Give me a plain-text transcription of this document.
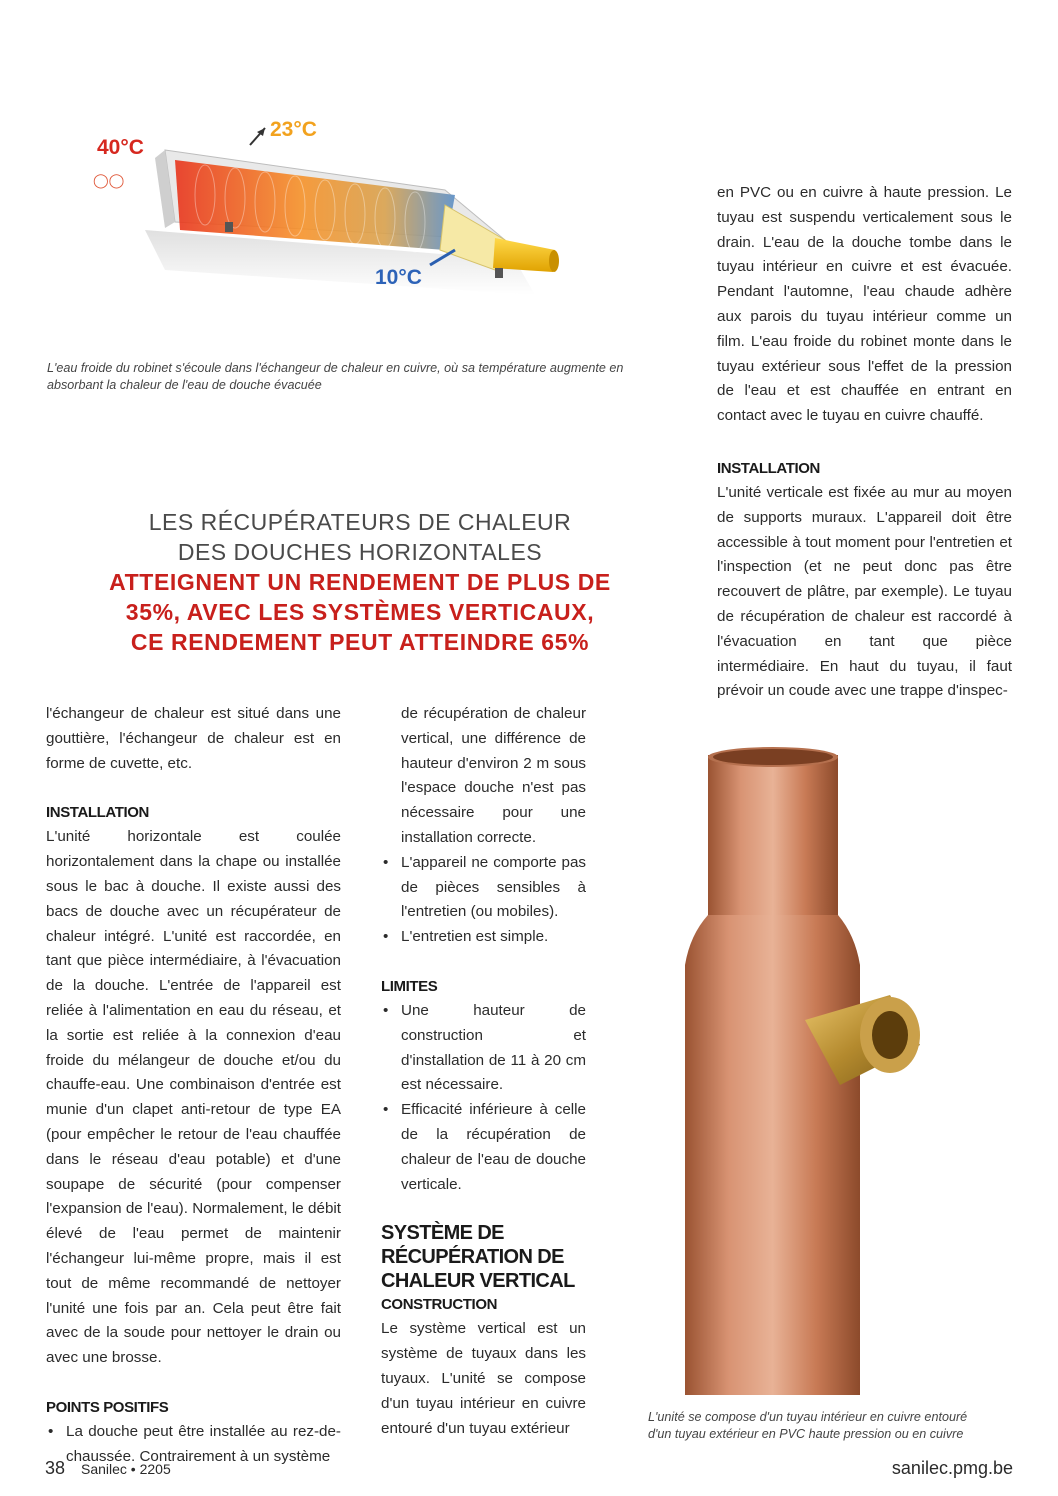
40°C
◯◯
23°C
10°C

L'eau froide du robinet s'écoule dans l'échangeur de chaleur en cuivre, où sa température augmente en absorbant la chaleur de l'eau de douche évacuée

LES RÉCUPÉRATEURS DE CHALEUR
DES DOUCHES HORIZONTALES
ATTEIGNENT UN RENDEMENT DE PLUS DE
35%, AVEC LES SYSTÈMES VERTICAUX,
CE RENDEMENT PEUT ATTEINDRE 65%

l'échangeur de chaleur est situé dans une gouttière, l'échangeur de chaleur est en forme de cuvette, etc.

INSTALLATION

L'unité horizontale est coulée horizontalement dans la chape ou installée sous le bac à douche. Il existe aussi des bacs de douche avec un récupérateur de chaleur intégré. L'unité est raccordée, en tant que pièce intermédiaire, à l'évacuation de la douche. L'entrée de l'appareil est reliée à l'alimentation en eau du réseau, et la sortie est reliée à la connexion d'eau froide du mélangeur de douche et/ou du chauffe-eau. Une combinaison d'entrée est munie d'un clapet anti-retour de type EA (pour empêcher le retour de l'eau chauffée dans le réseau d'eau potable) et d'une soupape de sécurité (pour compenser l'expansion de l'eau). Normalement, le débit élevé de l'eau permet de maintenir l'échangeur lui-même propre, mais il est tout de même recommandé de nettoyer l'unité une fois par an. Cela peut être fait avec de la soude pour nettoyer le drain ou avec une brosse.

POINTS POSITIFS

• La douche peut être installée au rez-de-chaussée. Contrairement à un système

de récupération de chaleur vertical, une différence de hauteur d'environ 2 m sous l'espace douche n'est pas nécessaire pour une installation correcte.

• L'appareil ne comporte pas de pièces sensibles à l'entretien (ou mobiles).
• L'entretien est simple.

LIMITES

• Une hauteur de construction et d'installation de 11 à 20 cm est nécessaire.
• Efficacité inférieure à celle de la récupération de chaleur de l'eau de douche verticale.

SYSTÈME DE

RÉCUPÉRATION DE

CHALEUR VERTICAL

CONSTRUCTION

Le système vertical est un système de tuyaux dans les tuyaux. L'unité se compose d'un tuyau intérieur en cuivre entouré d'un tuyau extérieur

en PVC ou en cuivre à haute pression. Le tuyau est suspendu verticalement sous le drain. L'eau de la douche tombe dans le tuyau intérieur en cuivre et est évacuée. Pendant l'automne, l'eau chaude adhère aux parois du tuyau intérieur comme un film. L'eau froide du robinet monte dans le tuyau extérieur sous l'effet de la pression de l'eau et est chauffée en entrant en contact avec le tuyau en cuivre chauffé.

INSTALLATION

L'unité verticale est fixée au mur au moyen de supports muraux. L'appareil doit être accessible à tout moment pour l'entretien et l'inspection (et ne peut donc pas être recouvert de plâtre, par exemple). Le tuyau de récupération de chaleur est raccordé à l'évacuation en tant que pièce intermédiaire. En haut du tuyau, il faut prévoir un coude avec une trappe d'inspec-

L'unité se compose d'un tuyau intérieur en cuivre entouré

d'un tuyau extérieur en PVC haute pression ou en cuivre

38 Sanilec • 2205	sanilec.pmg.be
